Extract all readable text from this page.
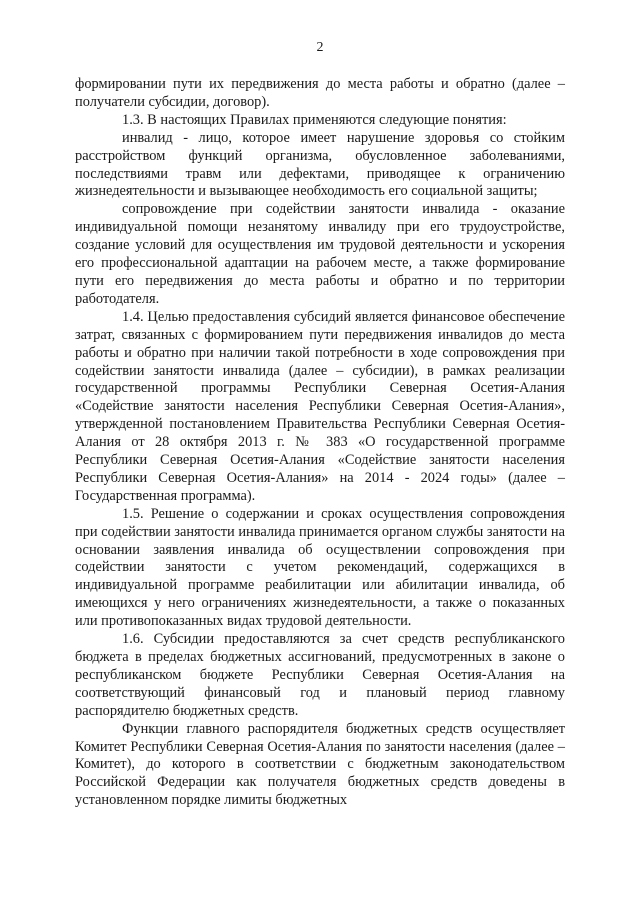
2

формировании пути их передвижения до места работы и обратно (далее – получатели субсидии, договор).

1.3. В настоящих Правилах применяются следующие понятия:

инвалид - лицо, которое имеет нарушение здоровья со стойким расстройством функций организма, обусловленное заболеваниями, последствиями травм или дефектами, приводящее к ограничению жизнедеятельности и вызывающее необходимость его социальной защиты;

сопровождение при содействии занятости инвалида - оказание индивидуальной помощи незанятому инвалиду при его трудоустройстве, создание условий для осуществления им трудовой деятельности и ускорения его профессиональной адаптации на рабочем месте, а также формирование пути его передвижения до места работы и обратно и по территории работодателя.

1.4. Целью предоставления субсидий является финансовое обеспечение затрат, связанных с формированием пути передвижения инвалидов до места работы и обратно при наличии такой потребности в ходе сопровождения при содействии занятости инвалида (далее – субсидии), в рамках реализации государственной программы Республики Северная Осетия-Алания «Содействие занятости населения Республики Северная Осетия-Алания», утвержденной постановлением Правительства Республики Северная Осетия-Алания от 28 октября 2013 г. № 383 «О государственной программе Республики Северная Осетия-Алания «Содействие занятости населения Республики Северная Осетия-Алания» на 2014 - 2024 годы» (далее – Государственная программа).

1.5. Решение о содержании и сроках осуществления сопровождения при содействии занятости инвалида принимается органом службы занятости на основании заявления инвалида об осуществлении сопровождения при содействии занятости с учетом рекомендаций, содержащихся в индивидуальной программе реабилитации или абилитации инвалида, об имеющихся у него ограничениях жизнедеятельности, а также о показанных или противопоказанных видах трудовой деятельности.

1.6. Субсидии предоставляются за счет средств республиканского бюджета в пределах бюджетных ассигнований, предусмотренных в законе о республиканском бюджете Республики Северная Осетия-Алания на соответствующий финансовый год и плановый период главному распорядителю бюджетных средств.

Функции главного распорядителя бюджетных средств осуществляет Комитет Республики Северная Осетия-Алания по занятости населения (далее – Комитет), до которого в соответствии с бюджетным законодательством Российской Федерации как получателя бюджетных средств доведены в установленном порядке лимиты бюджетных
